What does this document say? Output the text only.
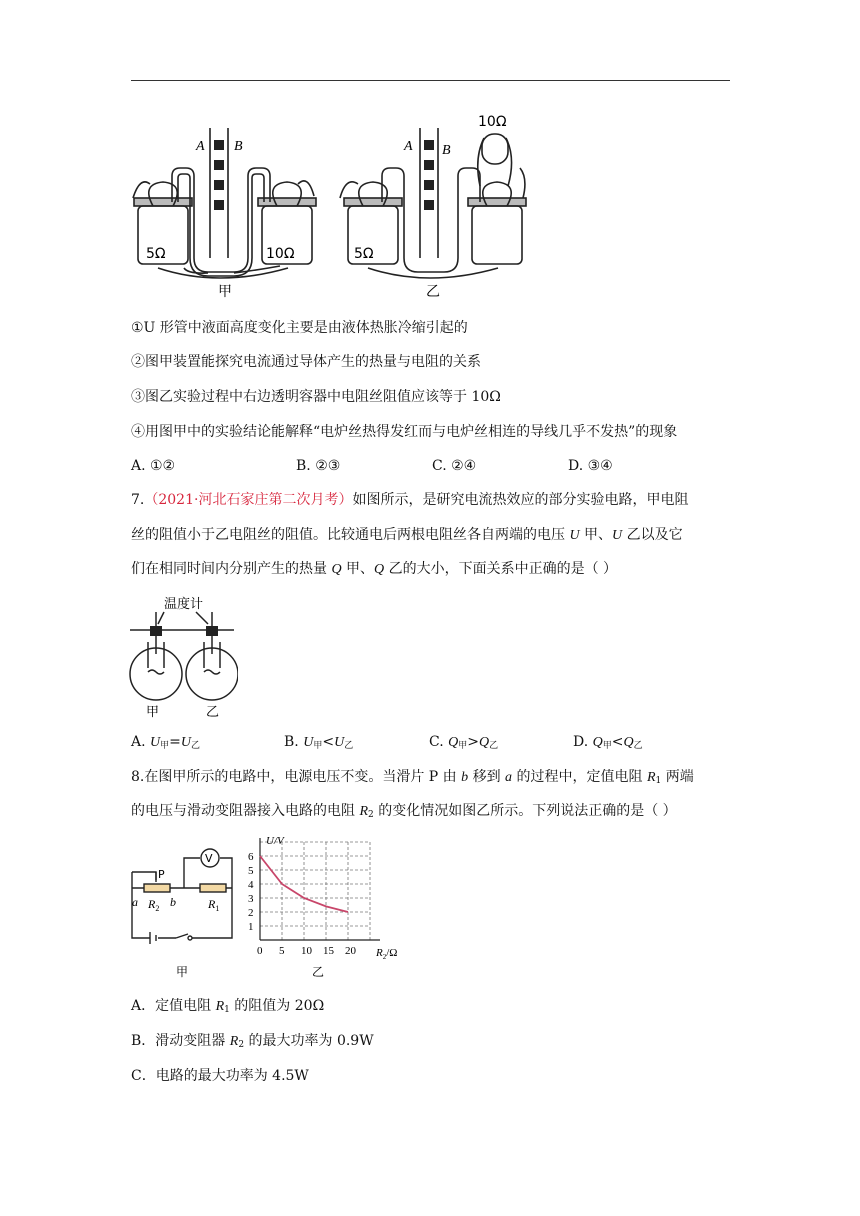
A B
5Ω	10Ω
甲
A B
5Ω
10Ω
乙
①U 形管中液面高度变化主要是由液体热胀冷缩引起的
②图甲装置能探究电流通过导体产生的热量与电阻的关系
③图乙实验过程中右边透明容器中电阻丝阻值应该等于 10Ω
④用图甲中的实验结论能解释“电炉丝热得发红而与电炉丝相连的导线几乎不发热”的现象
A. ①②	B. ②③	C. ②④	D. ③④
7.（2021·河北石家庄第二次月考）如图所示，是研究电流热效应的部分实验电路，甲电阻
丝的阻值小于乙电阻丝的阻值。比较通电后两根电阻丝各自两端的电压 U 甲、U 乙以及它
们在相同时间内分别产生的热量 Q 甲、Q 乙的大小，下面关系中正确的是（ ）
温度计
甲	乙
A. $U_甲=U_乙$	B. $U_甲<U_乙$	C. $Q_甲>Q_乙$	D. $Q_甲<Q_乙$
8.在图甲所示的电路中，电源电压不变。当滑片 P 由 b 移到 a 的过程中，定值电阻 $R_1$ 两端
的电压与滑动变阻器接入电路的电阻 $R_2$ 的变化情况如图乙所示。下列说法正确的是（ ）
V
P
a $R_2$ b	$R_1$
甲
0 5 10 15 20
1
2
3
4
5
6
U/V
$R_2/\Omega$
乙
A．定值电阻 $R_1$ 的阻值为 20Ω
B．滑动变阻器 $R_2$ 的最大功率为 0.9W
C．电路的最大功率为 4.5W
